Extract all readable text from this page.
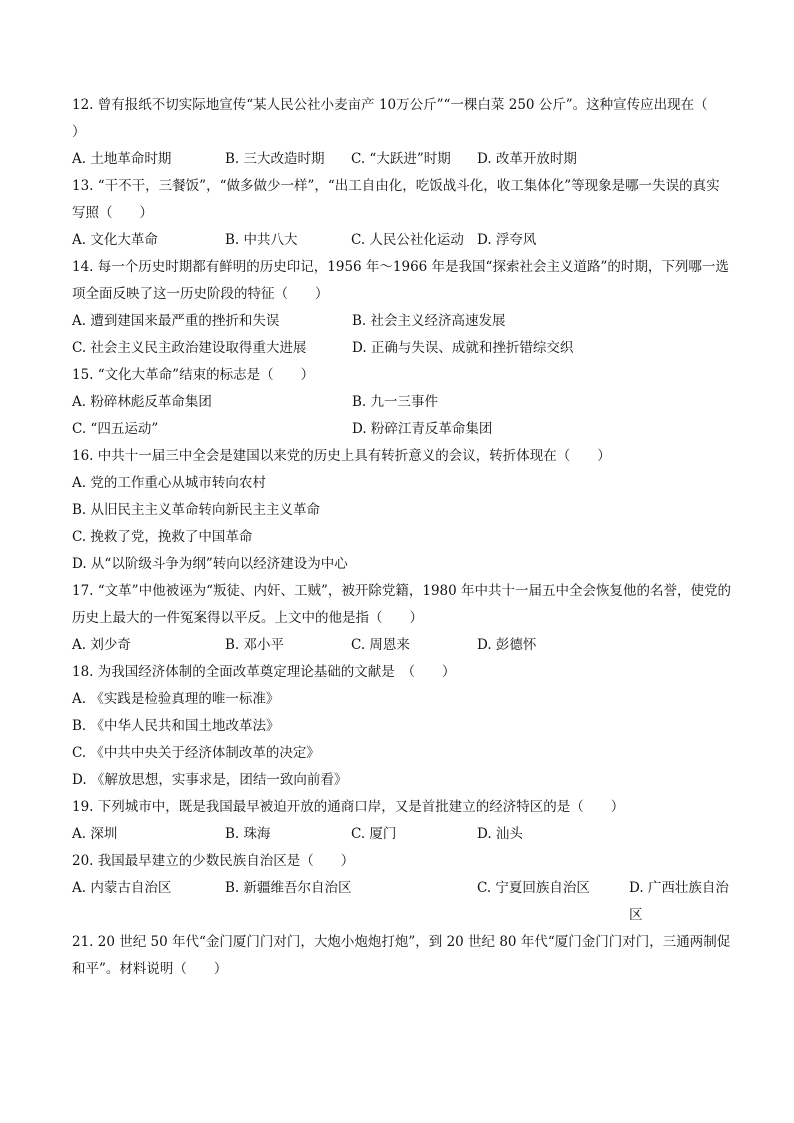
12. 曾有报纸不切实际地宣传“某人民公社小麦亩产 10万公斤”“一棵白菜 250 公斤”。这种宣传应出现在（　　）

A. 土地革命时期	B. 三大改造时期	C. “大跃进”时期	D. 改革开放时期

13. “干不干，三餐饭”，“做多做少一样”，“出工自由化，吃饭战斗化，收工集体化”等现象是哪一失误的真实写照（　　）

A. 文化大革命	B. 中共八大	C. 人民公社化运动 D. 浮夸风

14. 每一个历史时期都有鲜明的历史印记，1956 年～1966 年是我国“探索社会主义道路”的时期，下列哪一选项全面反映了这一历史阶段的特征（　　）

A. 遭到建国来最严重的挫折和失误	B. 社会主义经济高速发展
C. 社会主义民主政治建设取得重大进展	D. 正确与失误、成就和挫折错综交织

15. “文化大革命”结束的标志是（　　）

A. 粉碎林彪反革命集团	B. 九一三事件
C. “四五运动”	D. 粉碎江青反革命集团

16. 中共十一届三中全会是建国以来党的历史上具有转折意义的会议，转折体现在（　　）

A. 党的工作重心从城市转向农村
B. 从旧民主主义革命转向新民主主义革命
C. 挽救了党，挽救了中国革命
D. 从“以阶级斗争为纲”转向以经济建设为中心

17. “文革”中他被诬为“叛徒、内奸、工贼”，被开除党籍，1980 年中共十一届五中全会恢复他的名誉，使党的历史上最大的一件冤案得以平反。上文中的他是指（　　）

A. 刘少奇	B. 邓小平	C. 周恩来	D. 彭德怀

18. 为我国经济体制的全面改革奠定理论基础的文献是　（　　）

A. 《实践是检验真理的唯一标准》
B. 《中华人民共和国土地改革法》
C. 《中共中央关于经济体制改革的决定》
D. 《解放思想，实事求是，团结一致向前看》

19. 下列城市中，既是我国最早被迫开放的通商口岸，又是首批建立的经济特区的是（　　）

A. 深圳	B. 珠海	C. 厦门	D. 汕头

20. 我国最早建立的少数民族自治区是（　　）

A. 内蒙古自治区	B. 新疆维吾尔自治区	C. 宁夏回族自治区	D. 广西壮族自治区

21. 20 世纪 50 年代“金门厦门门对门，大炮小炮炮打炮”，到 20 世纪 80 年代“厦门金门门对门，三通两制促和平”。材料说明（　　）
